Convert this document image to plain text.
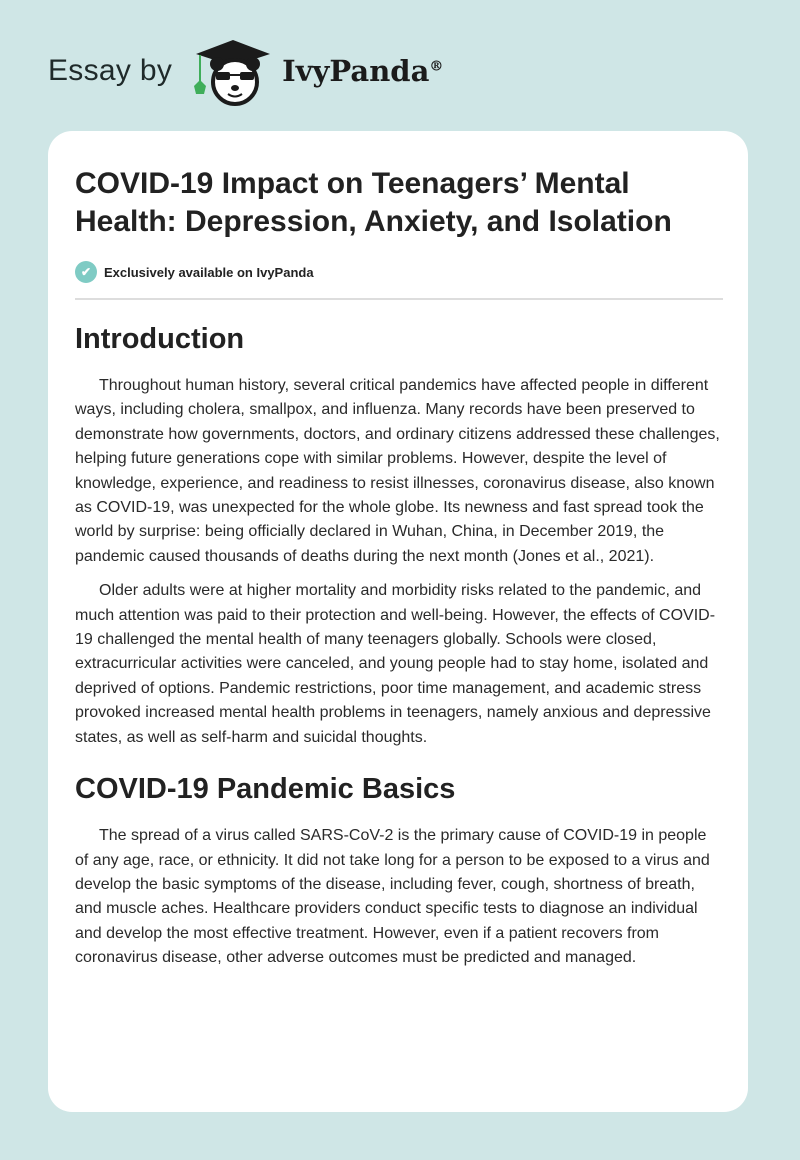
Essay by	IvyPanda®
COVID-19 Impact on Teenagers’ Mental Health: Depression, Anxiety, and Isolation
✔ Exclusively available on IvyPanda
Introduction

Throughout human history, several critical pandemics have affected people in different ways, including cholera, smallpox, and influenza. Many records have been preserved to demonstrate how governments, doctors, and ordinary citizens addressed these challenges, helping future generations cope with similar problems. However, despite the level of knowledge, experience, and readiness to resist illnesses, coronavirus disease, also known as COVID-19, was unexpected for the whole globe. Its newness and fast spread took the world by surprise: being officially declared in Wuhan, China, in December 2019, the pandemic caused thousands of deaths during the next month (Jones et al., 2021).

Older adults were at higher mortality and morbidity risks related to the pandemic, and much attention was paid to their protection and well-being. However, the effects of COVID-19 challenged the mental health of many teenagers globally. Schools were closed, extracurricular activities were canceled, and young people had to stay home, isolated and deprived of options. Pandemic restrictions, poor time management, and academic stress provoked increased mental health problems in teenagers, namely anxious and depressive states, as well as self-harm and suicidal thoughts.

COVID-19 Pandemic Basics

The spread of a virus called SARS-CoV-2 is the primary cause of COVID-19 in people of any age, race, or ethnicity. It did not take long for a person to be exposed to a virus and develop the basic symptoms of the disease, including fever, cough, shortness of breath, and muscle aches. Healthcare providers conduct specific tests to diagnose an individual and develop the most effective treatment. However, even if a patient recovers from coronavirus disease, other adverse outcomes must be predicted and managed.
